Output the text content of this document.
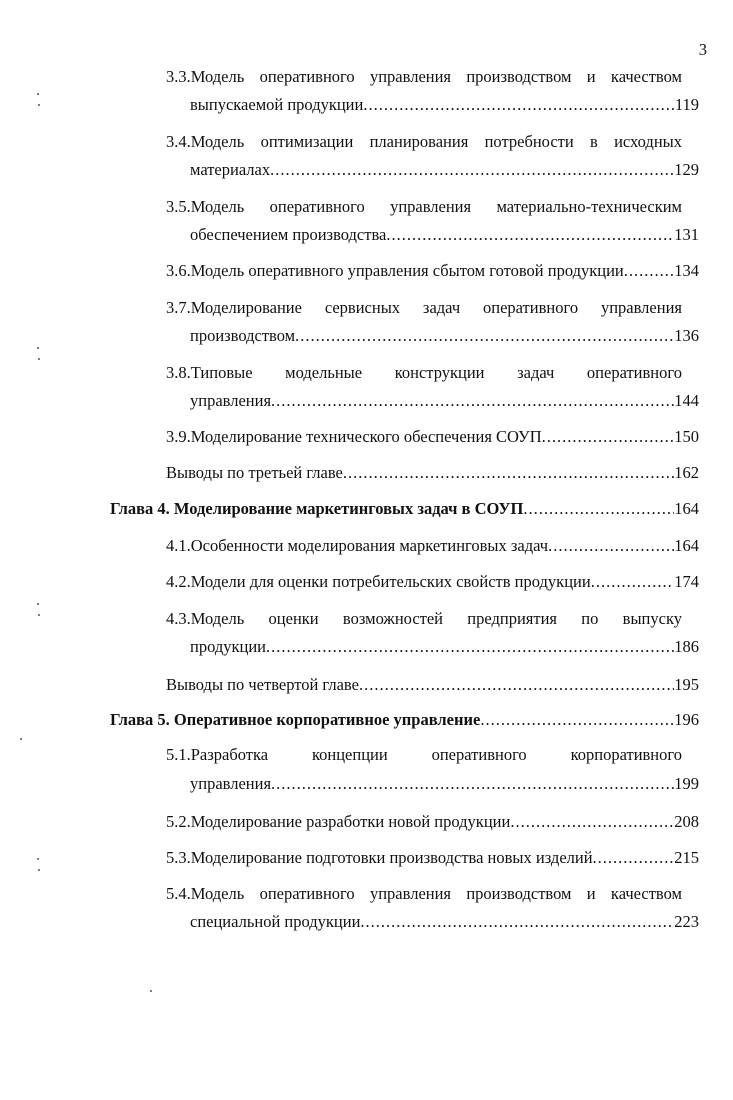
3
3.3.Модель оперативного управления производством и качеством
выпускаемой продукции .....	119
3.4.Модель оптимизации планирования потребности в исходных
материалах .....	129
3.5.Модель оперативного управления материально-техническим
обеспечением производства .....	131
3.6.Модель оперативного управления сбытом готовой продукции .....	134
3.7.Моделирование сервисных задач оперативного управления
производством .....	136
3.8.Типовые модельные конструкции задач оперативного
управления .....	144
3.9.Моделирование технического обеспечения СОУП .....	150
Выводы по третьей главе .....	162
Глава 4. Моделирование маркетинговых задач в СОУП .....	164
4.1.Особенности моделирования маркетинговых задач .....	164
4.2.Модели для оценки потребительских свойств продукции .....	174
4.3.Модель оценки возможностей предприятия по выпуску
продукции .....	186
Выводы по четвертой главе .....	195
Глава 5. Оперативное корпоративное управление .....	196
5.1.Разработка концепции оперативного корпоративного
управления .....	199
5.2.Моделирование разработки новой продукции .....	208
5.3.Моделирование подготовки производства новых изделий .....	215
5.4.Модель оперативного управления производством и качеством
специальной продукции .....	223
